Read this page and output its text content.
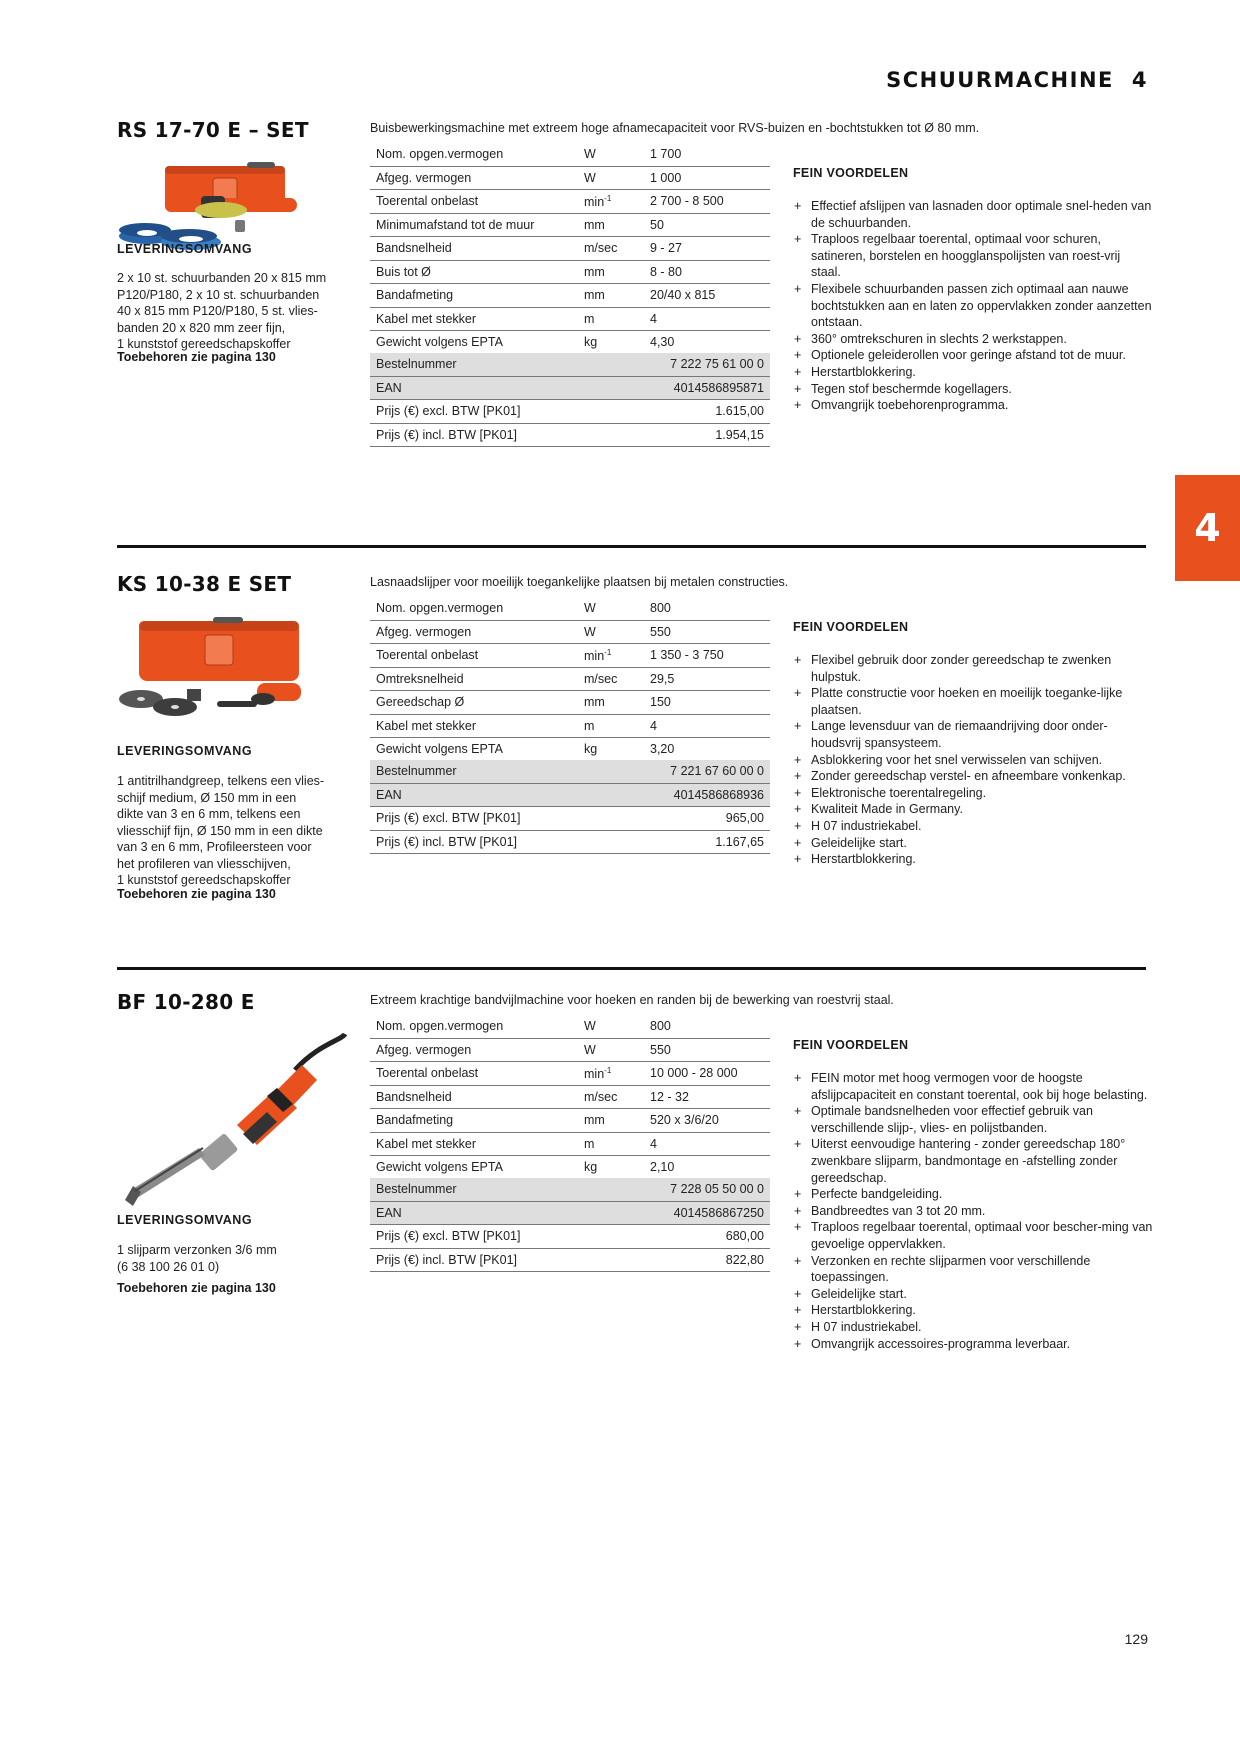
SCHUURMACHINE 4
4
RS 17-70 E – SET	Buisbewerkingsmachine met extreem hoge afnamecapaciteit voor RVS-buizen en -bochtstukken tot Ø 80 mm.
LEVERINGSOMVANG
2 x 10 st. schuurbanden 20 x 815 mm
P120/P180, 2 x 10 st. schuurbanden
40 x 815 mm P120/P180, 5 st. vlies-
banden 20 x 820 mm zeer fijn,
1 kunststof gereedschapskoffer
Toebehoren zie pagina 130
Nom. opgen.vermogen	W	1 700
Afgeg. vermogen	W	1 000
Toerental onbelast	$\min^{-1}$	2 700 - 8 500
Minimumafstand tot de muur	mm	50
Bandsnelheid	m/sec	9 - 27
Buis tot Ø	mm	8 - 80
Bandafmeting	mm	20/40 x 815
Kabel met stekker	m	4
Gewicht volgens EPTA	kg	4,30
Bestelnummer	7 222 75 61 00 0
EAN	4014586895871
Prijs (€) excl. BTW [PK01]	1.615,00
Prijs (€) incl. BTW [PK01]	1.954,15
FEIN VOORDELEN
+ Effectief afslijpen van lasnaden door optimale snel-heden van de schuurbanden.
+ Traploos regelbaar toerental, optimaal voor schuren, satineren, borstelen en hoogglanspolijsten van roest-vrij staal.
+ Flexibele schuurbanden passen zich optimaal aan nauwe bochtstukken aan en laten zo oppervlakken zonder aanzetten ontstaan.
+ 360° omtrekschuren in slechts 2 werkstappen.
+ Optionele geleiderollen voor geringe afstand tot de muur.
+ Herstartblokkering.
+ Tegen stof beschermde kogellagers.
+ Omvangrijk toebehorenprogramma.
KS 10-38 E SET	Lasnaadslijper voor moeilijk toegankelijke plaatsen bij metalen constructies.
LEVERINGSOMVANG
1 antitrilhandgreep, telkens een vlies-
schijf medium, Ø 150 mm in een
dikte van 3 en 6 mm, telkens een
vliesschijf fijn, Ø 150 mm in een dikte
van 3 en 6 mm, Profileersteen voor
het profileren van vliesschijven,
1 kunststof gereedschapskoffer
Toebehoren zie pagina 130
Nom. opgen.vermogen	W	800
Afgeg. vermogen	W	550
Toerental onbelast	$\min^{-1}$	1 350 - 3 750
Omtreksnelheid	m/sec	29,5
Gereedschap Ø	mm	150
Kabel met stekker	m	4
Gewicht volgens EPTA	kg	3,20
Bestelnummer	7 221 67 60 00 0
EAN	4014586868936
Prijs (€) excl. BTW [PK01]	965,00
Prijs (€) incl. BTW [PK01]	1.167,65
FEIN VOORDELEN
+ Flexibel gebruik door zonder gereedschap te zwenken hulpstuk.
+ Platte constructie voor hoeken en moeilijk toeganke-lijke plaatsen.
+ Lange levensduur van de riemaandrijving door onder-houdsvrij spansysteem.
+ Asblokkering voor het snel verwisselen van schijven.
+ Zonder gereedschap verstel- en afneembare vonkenkap.
+ Elektronische toerentalregeling.
+ Kwaliteit Made in Germany.
+ H 07 industriekabel.
+ Geleidelijke start.
+ Herstartblokkering.
BF 10-280 E	Extreem krachtige bandvijlmachine voor hoeken en randen bij de bewerking van roestvrij staal.
LEVERINGSOMVANG
1 slijparm verzonken 3/6 mm
(6 38 100 26 01 0)
Toebehoren zie pagina 130
Nom. opgen.vermogen	W	800
Afgeg. vermogen	W	550
Toerental onbelast	$\min^{-1}$	10 000 - 28 000
Bandsnelheid	m/sec	12 - 32
Bandafmeting	mm	520 x 3/6/20
Kabel met stekker	m	4
Gewicht volgens EPTA	kg	2,10
Bestelnummer	7 228 05 50 00 0
EAN	4014586867250
Prijs (€) excl. BTW [PK01]	680,00
Prijs (€) incl. BTW [PK01]	822,80
FEIN VOORDELEN
+ FEIN motor met hoog vermogen voor de hoogste afslijpcapaciteit en constant toerental, ook bij hoge belasting.
+ Optimale bandsnelheden voor effectief gebruik van verschillende slijp-, vlies- en polijstbanden.
+ Uiterst eenvoudige hantering - zonder gereedschap 180° zwenkbare slijparm, bandmontage en -afstelling zonder gereedschap.
+ Perfecte bandgeleiding.
+ Bandbreedtes van 3 tot 20 mm.
+ Traploos regelbaar toerental, optimaal voor bescher-ming van gevoelige oppervlakken.
+ Verzonken en rechte slijparmen voor verschillende toepassingen.
+ Geleidelijke start.
+ Herstartblokkering.
+ H 07 industriekabel.
+ Omvangrijk accessoires-programma leverbaar.
129
